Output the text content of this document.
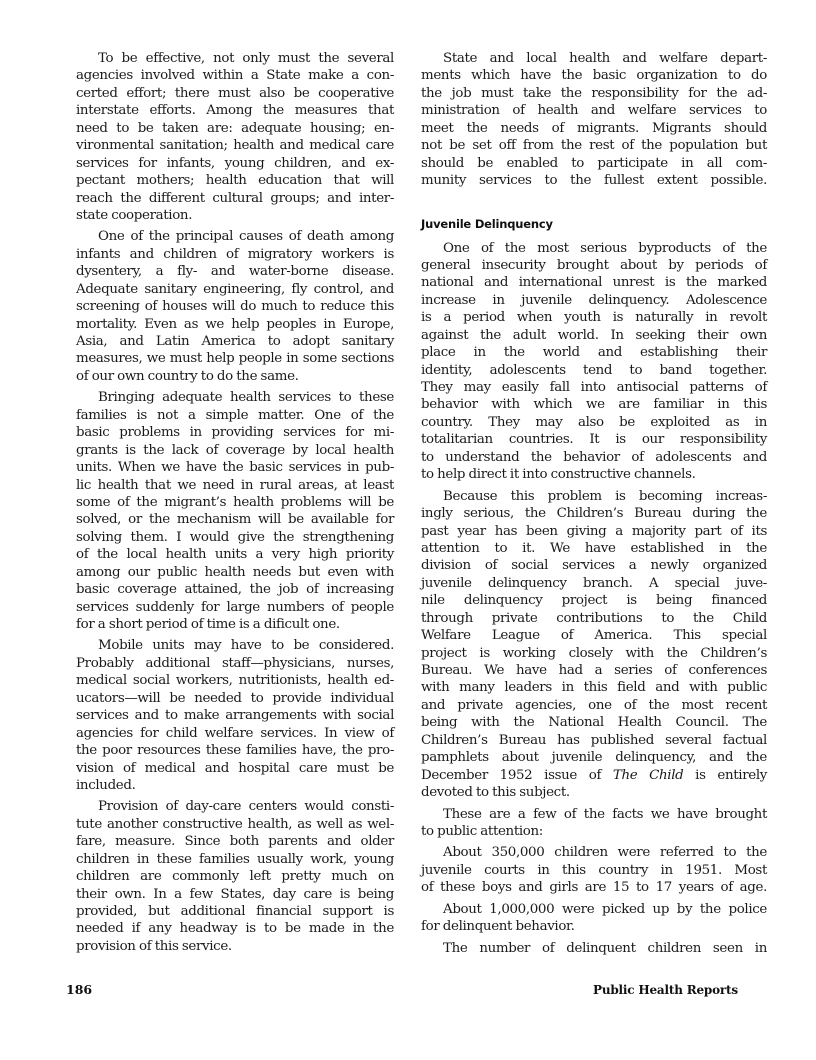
To be effective, not only must the several
agencies involved within a State make a con-
certed effort; there must also be cooperative
interstate efforts. Among the measures that
need to be taken are: adequate housing; en-
vironmental sanitation; health and medical care
services for infants, young children, and ex-
pectant mothers; health education that will
reach the different cultural groups; and inter-
state cooperation.
One of the principal causes of death among
infants and children of migratory workers is
dysentery, a fly- and water-borne disease.
Adequate sanitary engineering, fly control, and
screening of houses will do much to reduce this
mortality. Even as we help peoples in Europe,
Asia, and Latin America to adopt sanitary
measures, we must help people in some sections
of our own country to do the same.
Bringing adequate health services to these
families is not a simple matter. One of the
basic problems in providing services for mi-
grants is the lack of coverage by local health
units. When we have the basic services in pub-
lic health that we need in rural areas, at least
some of the migrant’s health problems will be
solved, or the mechanism will be available for
solving them. I would give the strengthening
of the local health units a very high priority
among our public health needs but even with
basic coverage attained, the job of increasing
services suddenly for large numbers of people
for a short period of time is a dificult one.
Mobile units may have to be considered.
Probably additional staff—physicians, nurses,
medical social workers, nutritionists, health ed-
ucators—will be needed to provide individual
services and to make arrangements with social
agencies for child welfare services. In view of
the poor resources these families have, the pro-
vision of medical and hospital care must be
included.
Provision of day-care centers would consti-
tute another constructive health, as well as wel-
fare, measure. Since both parents and older
children in these families usually work, young
children are commonly left pretty much on
their own. In a few States, day care is being
provided, but additional financial support is
needed if any headway is to be made in the
provision of this service.
State and local health and welfare depart-
ments which have the basic organization to do
the job must take the responsibility for the ad-
ministration of health and welfare services to
meet the needs of migrants. Migrants should
not be set off from the rest of the population but
should be enabled to participate in all com-
munity services to the fullest extent possible.
Juvenile Delinquency
One of the most serious byproducts of the
general insecurity brought about by periods of
national and international unrest is the marked
increase in juvenile delinquency. Adolescence
is a period when youth is naturally in revolt
against the adult world. In seeking their own
place in the world and establishing their
identity, adolescents tend to band together.
They may easily fall into antisocial patterns of
behavior with which we are familiar in this
country. They may also be exploited as in
totalitarian countries. It is our responsibility
to understand the behavior of adolescents and
to help direct it into constructive channels.
Because this problem is becoming increas-
ingly serious, the Children’s Bureau during the
past year has been giving a majority part of its
attention to it. We have established in the
division of social services a newly organized
juvenile delinquency branch. A special juve-
nile delinquency project is being financed
through private contributions to the Child
Welfare League of America. This special
project is working closely with the Children’s
Bureau. We have had a series of conferences
with many leaders in this field and with public
and private agencies, one of the most recent
being with the National Health Council. The
Children’s Bureau has published several factual
pamphlets about juvenile delinquency, and the
December 1952 issue of The Child is entirely
devoted to this subject.
These are a few of the facts we have brought
to public attention:
About 350,000 children were referred to the
juvenile courts in this country in 1951. Most
of these boys and girls are 15 to 17 years of age.
About 1,000,000 were picked up by the police
for delinquent behavior.
The number of delinquent children seen in
186	Public Health Reports
